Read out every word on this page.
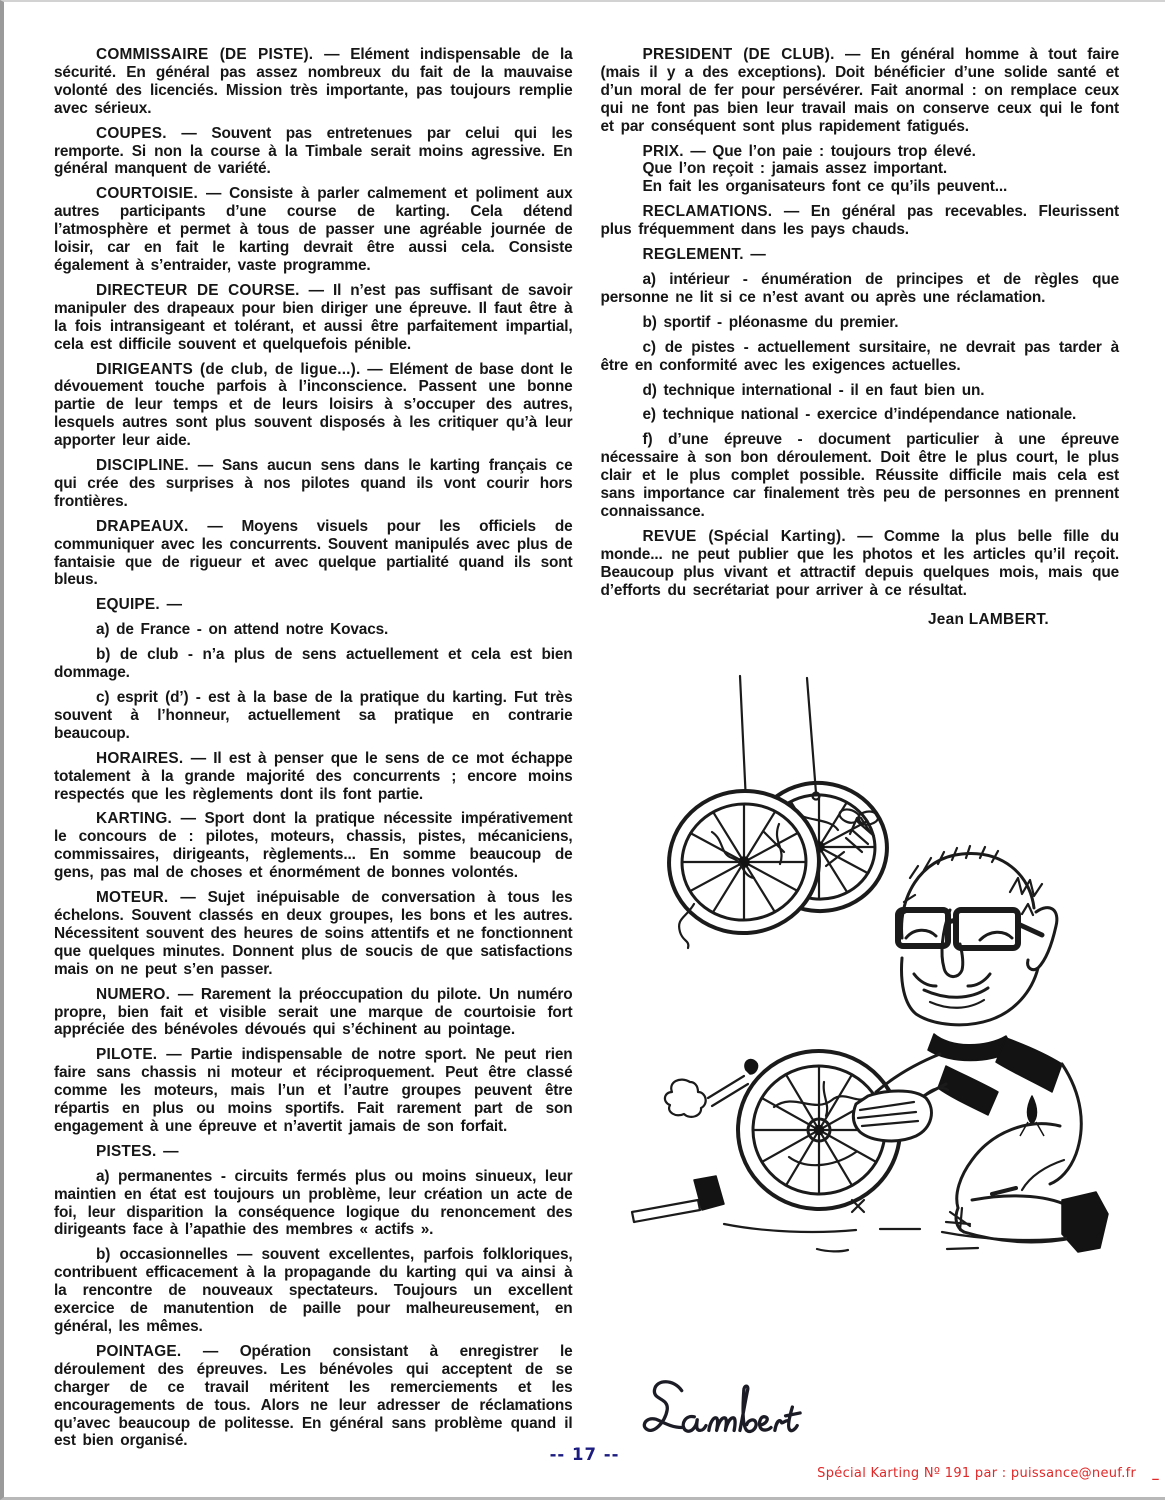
COMMISSAIRE (DE PISTE). — Elément indispensable de la sécurité. En général pas assez nombreux du fait de la mauvaise volonté des licenciés. Mission très importante, pas toujours remplie avec sérieux.

COUPES. — Souvent pas entretenues par celui qui les remporte. Si non la course à la Timbale serait moins agressive. En général manquent de variété.

COURTOISIE. — Consiste à parler calmement et poliment aux autres participants d’une course de karting. Cela détend l’atmosphère et permet à tous de passer une agréable journée de loisir, car en fait le karting devrait être aussi cela. Consiste également à s’entraider, vaste programme.

DIRECTEUR DE COURSE. — Il n’est pas suffisant de savoir manipuler des drapeaux pour bien diriger une épreuve. Il faut être à la fois intransigeant et tolérant, et aussi être parfaitement impartial, cela est difficile souvent et quelquefois pénible.

DIRIGEANTS (de club, de ligue...). — Elément de base dont le dévouement touche parfois à l’inconscience. Passent une bonne partie de leur temps et de leurs loisirs à s’occuper des autres, lesquels autres sont plus souvent disposés à les critiquer qu’à leur apporter leur aide.

DISCIPLINE. — Sans aucun sens dans le karting français ce qui crée des surprises à nos pilotes quand ils vont courir hors frontières.

DRAPEAUX. — Moyens visuels pour les officiels de communiquer avec les concurrents. Souvent manipulés avec plus de fantaisie que de rigueur et avec quelque partialité quand ils sont bleus.

EQUIPE. —

a) de France - on attend notre Kovacs.

b) de club - n’a plus de sens actuellement et cela est bien dommage.

c) esprit (d’) - est à la base de la pratique du karting. Fut très souvent à l’honneur, actuellement sa pratique en contrarie beaucoup.

HORAIRES. — Il est à penser que le sens de ce mot échappe totalement à la grande majorité des concurrents ; encore moins respectés que les règlements dont ils font partie.

KARTING. — Sport dont la pratique nécessite impérativement le concours de : pilotes, moteurs, chassis, pistes, mécaniciens, commissaires, dirigeants, règlements... En somme beaucoup de gens, pas mal de choses et énormément de bonnes volontés.

MOTEUR. — Sujet inépuisable de conversation à tous les échelons. Souvent classés en deux groupes, les bons et les autres. Nécessitent souvent des heures de soins attentifs et ne fonctionnent que quelques minutes. Donnent plus de soucis de que satisfactions mais on ne peut s’en passer.

NUMERO. — Rarement la préoccupation du pilote. Un numéro propre, bien fait et visible serait une marque de courtoisie fort appréciée des bénévoles dévoués qui s’échinent au pointage.

PILOTE. — Partie indispensable de notre sport. Ne peut rien faire sans chassis ni moteur et réciproquement. Peut être classé comme les moteurs, mais l’un et l’autre groupes peuvent être répartis en plus ou moins sportifs. Fait rarement part de son engagement à une épreuve et n’avertit jamais de son forfait.

PISTES. —

a) permanentes - circuits fermés plus ou moins sinueux, leur maintien en état est toujours un problème, leur création un acte de foi, leur disparition la conséquence logique du renoncement des dirigeants face à l’apathie des membres « actifs ».

b) occasionnelles — souvent excellentes, parfois folkloriques, contribuent efficacement à la propagande du karting qui va ainsi à la rencontre de nouveaux spectateurs. Toujours un excellent exercice de manutention de paille pour malheureusement, en général, les mêmes.

POINTAGE. — Opération consistant à enregistrer le déroulement des épreuves. Les bénévoles qui acceptent de se charger de ce travail méritent les remerciements et les encouragements de tous. Alors ne leur adresser de réclamations qu’avec beaucoup de politesse. En général sans problème quand il est bien organisé.

PRESIDENT (DE CLUB). — En général homme à tout faire (mais il y a des exceptions). Doit bénéficier d’une solide santé et d’un moral de fer pour persévérer. Fait anormal : on remplace ceux qui ne font pas bien leur travail mais on conserve ceux qui le font et par conséquent sont plus rapidement fatigués.

PRIX. — Que l’on paie : toujours trop élevé.

Que l’on reçoit : jamais assez important.

En fait les organisateurs font ce qu’ils peuvent...

RECLAMATIONS. — En général pas recevables. Fleurissent plus fréquemment dans les pays chauds.

REGLEMENT. —

a) intérieur - énumération de principes et de règles que personne ne lit si ce n’est avant ou après une réclamation.

b) sportif - pléonasme du premier.

c) de pistes - actuellement sursitaire, ne devrait pas tarder à être en conformité avec les exigences actuelles.

d) technique international - il en faut bien un.

e) technique national - exercice d’indépendance nationale.

f) d’une épreuve - document particulier à une épreuve nécessaire à son bon déroulement. Doit être le plus court, le plus clair et le plus complet possible. Réussite difficile mais cela est sans importance car finalement très peu de personnes en prennent connaissance.

REVUE (Spécial Karting). — Comme la plus belle fille du monde... ne peut publier que les photos et les articles qu’il reçoit. Beaucoup plus vivant et attractif depuis quelques mois, mais que d’efforts du secrétariat pour arriver à ce résultat.

Jean LAMBERT.

-- 17 --
Spécial Karting Nº 191 par : puissance@neuf.fr _
